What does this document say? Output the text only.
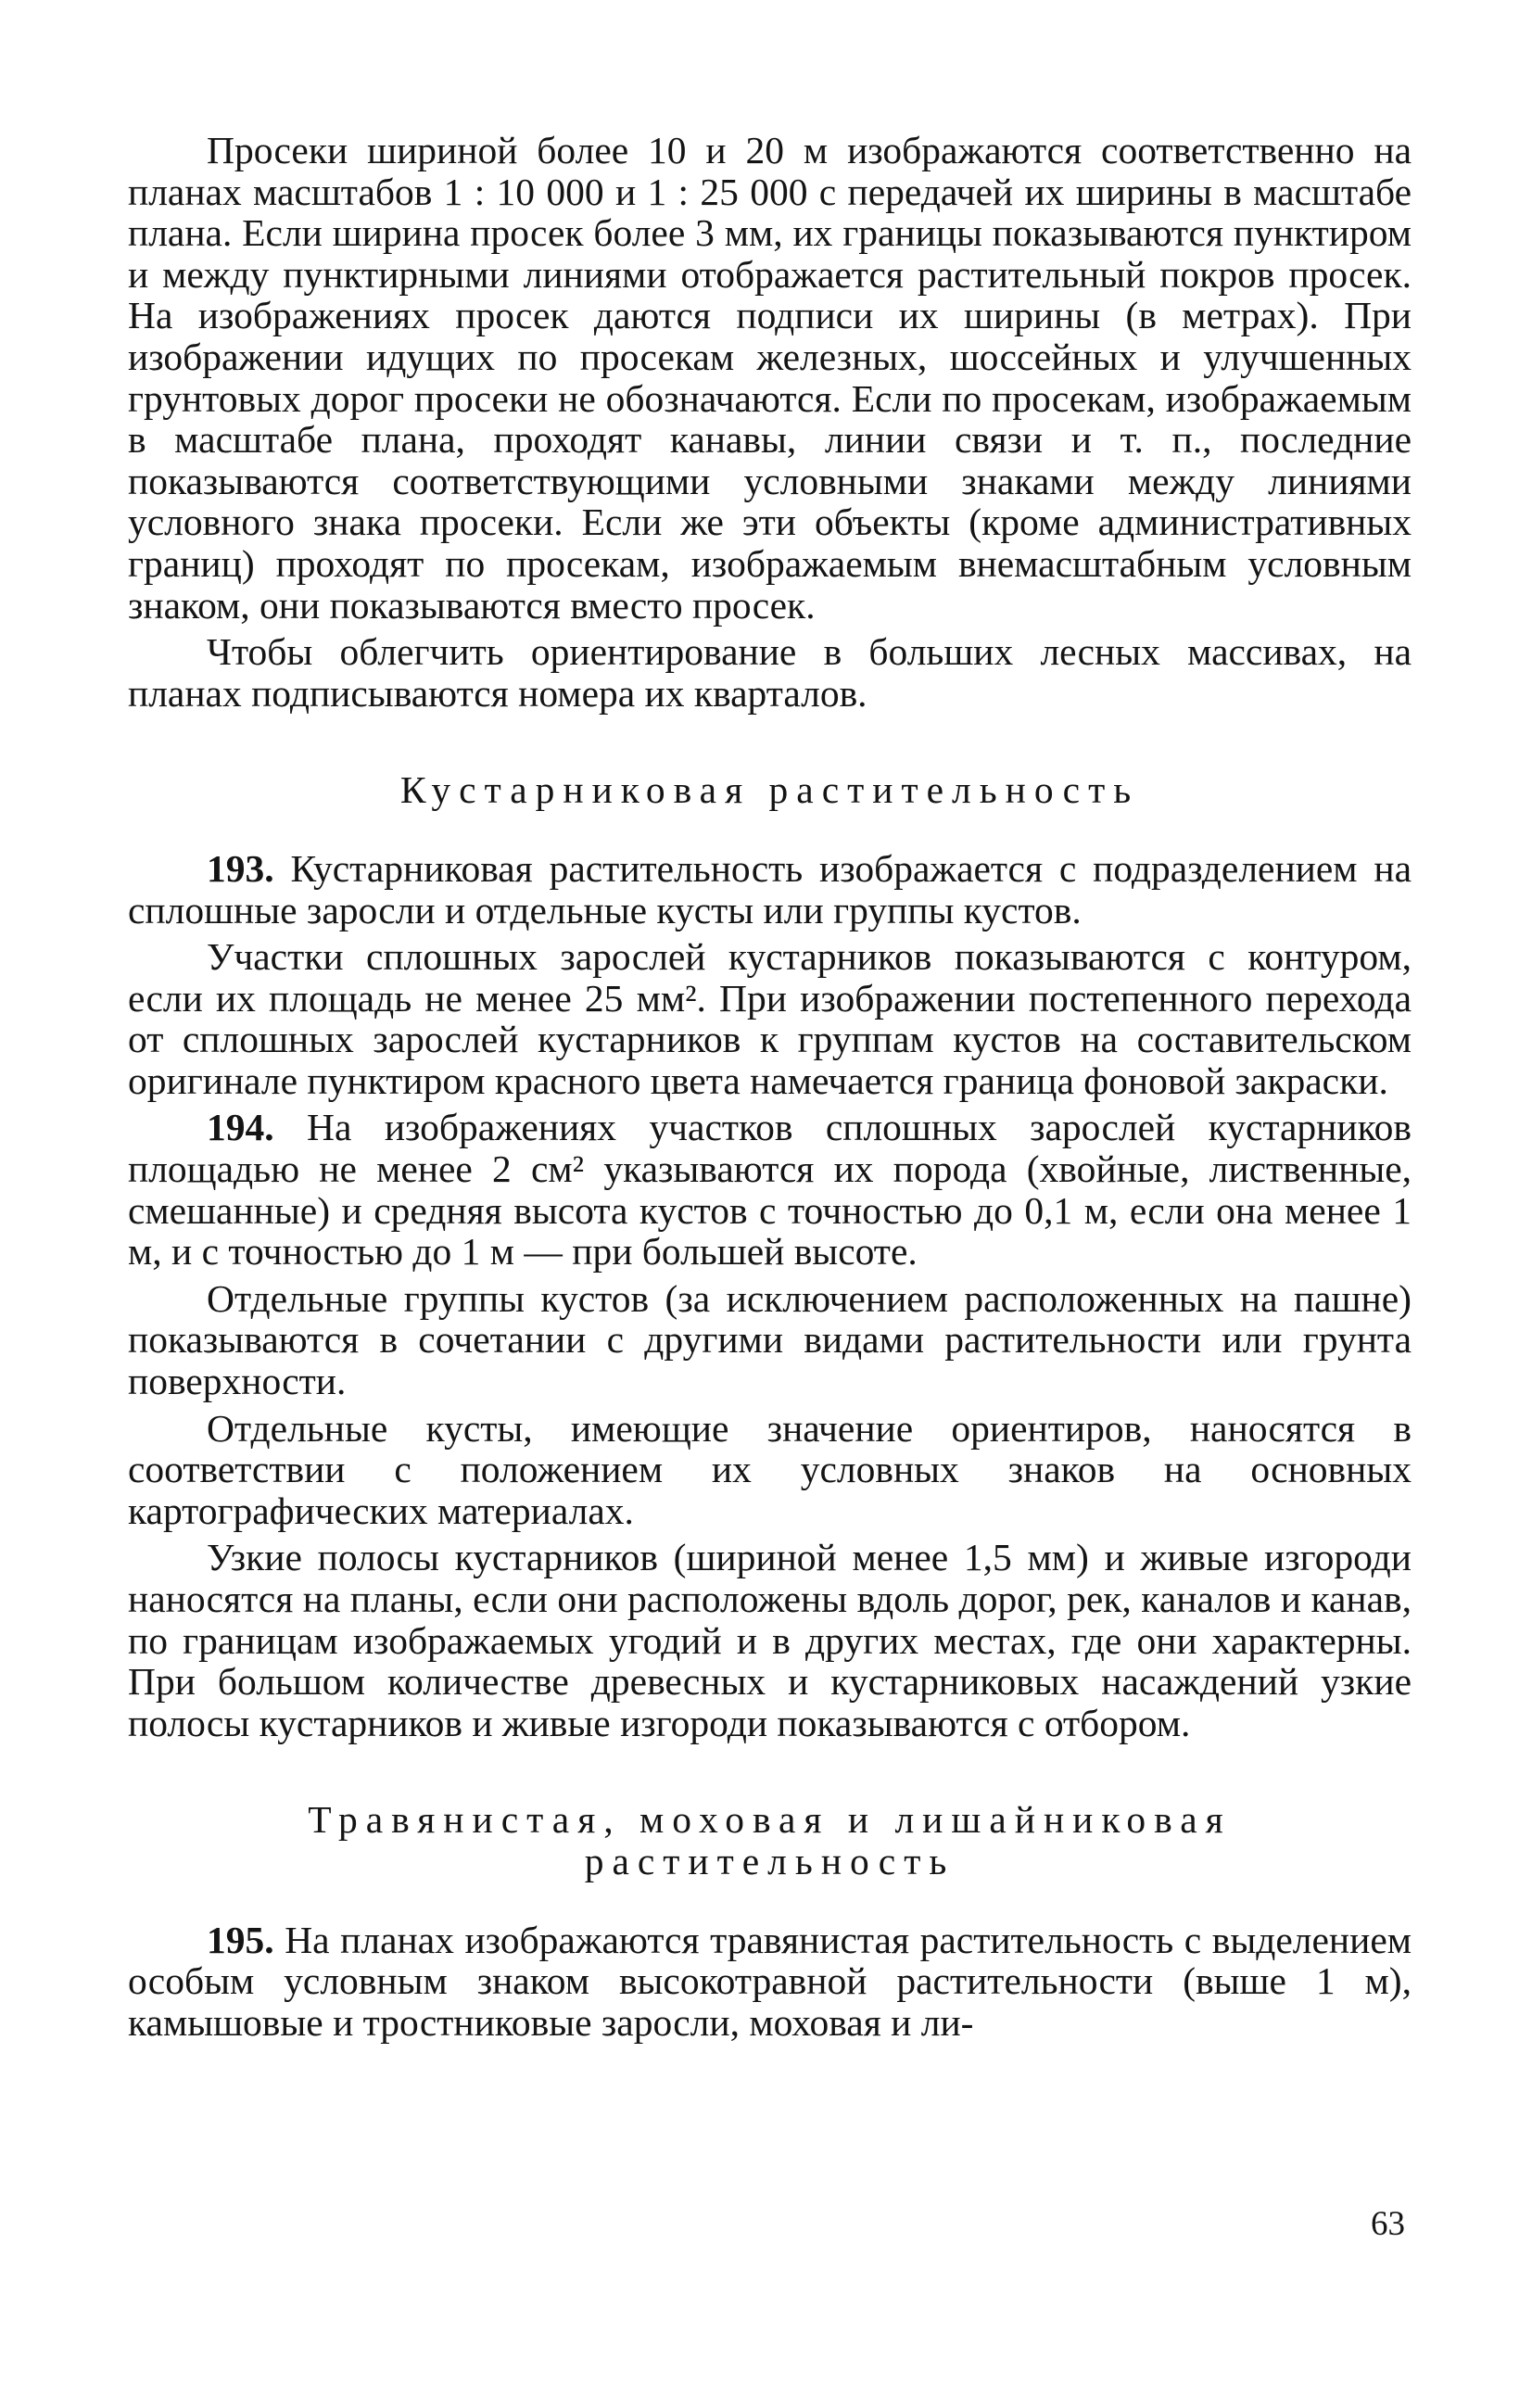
Просеки шириной более 10 и 20 м изображаются соответственно на планах масштабов 1 : 10 000 и 1 : 25 000 с передачей их ширины в масштабе плана. Если ширина просек более 3 мм, их границы показываются пунктиром и между пунктирными линиями отображается растительный покров просек. На изображениях просек даются подписи их ширины (в метрах). При изображении идущих по просекам железных, шоссейных и улучшенных грунтовых дорог просеки не обозначаются. Если по просекам, изображаемым в масштабе плана, проходят канавы, линии связи и т. п., последние показываются соответствующими условными знаками между линиями условного знака просеки. Если же эти объекты (кроме административных границ) проходят по просекам, изображаемым внемасштабным условным знаком, они показываются вместо просек.

Чтобы облегчить ориентирование в больших лесных массивах, на планах подписываются номера их кварталов.

Кустарниковая растительность

193. Кустарниковая растительность изображается с подразделением на сплошные заросли и отдельные кусты или группы кустов.

Участки сплошных зарослей кустарников показываются с контуром, если их площадь не менее 25 мм². При изображении постепенного перехода от сплошных зарослей кустарников к группам кустов на составительском оригинале пунктиром красного цвета намечается граница фоновой закраски.

194. На изображениях участков сплошных зарослей кустарников площадью не менее 2 см² указываются их порода (хвойные, лиственные, смешанные) и средняя высота кустов с точностью до 0,1 м, если она менее 1 м, и с точностью до 1 м — при большей высоте.

Отдельные группы кустов (за исключением расположенных на пашне) показываются в сочетании с другими видами растительности или грунта поверхности.

Отдельные кусты, имеющие значение ориентиров, наносятся в соответствии с положением их условных знаков на основных картографических материалах.

Узкие полосы кустарников (шириной менее 1,5 мм) и живые изгороди наносятся на планы, если они расположены вдоль дорог, рек, каналов и канав, по границам изображаемых угодий и в других местах, где они характерны. При большом количестве древесных и кустарниковых насаждений узкие полосы кустарников и живые изгороди показываются с отбором.

Травянистая, моховая и лишайниковая
растительность

195. На планах изображаются травянистая растительность с выделением особым условным знаком высокотравной растительности (выше 1 м), камышовые и тростниковые заросли, моховая и ли-

63
